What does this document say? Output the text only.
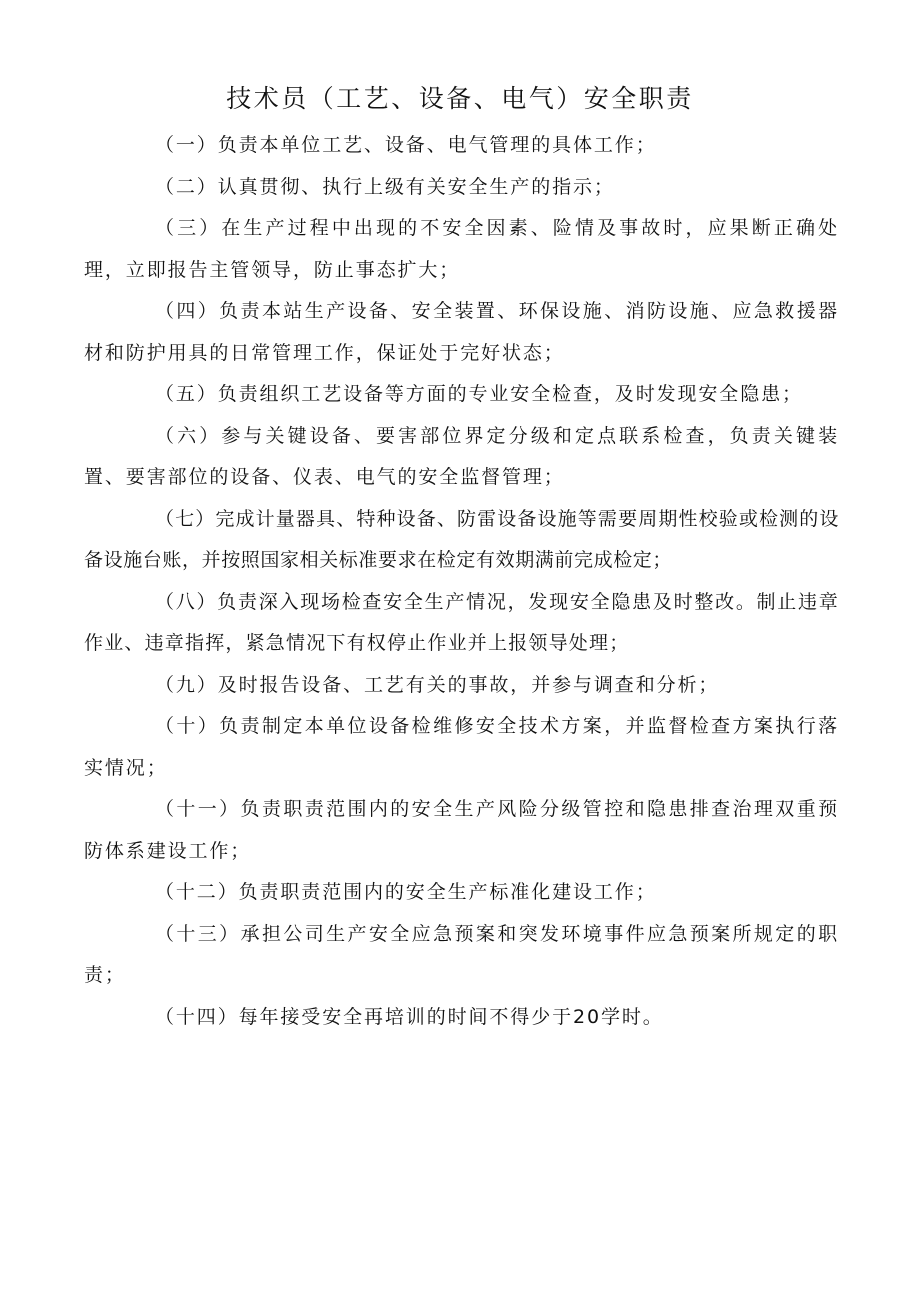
技术员（工艺、设备、电气）安全职责

（一）负责本单位工艺、设备、电气管理的具体工作；

（二）认真贯彻、执行上级有关安全生产的指示；

（三）在生产过程中出现的不安全因素、险情及事故时，应果断正确处理，立即报告主管领导，防止事态扩大；

（四）负责本站生产设备、安全装置、环保设施、消防设施、应急救援器材和防护用具的日常管理工作，保证处于完好状态；

（五）负责组织工艺设备等方面的专业安全检查，及时发现安全隐患；

（六）参与关键设备、要害部位界定分级和定点联系检查，负责关键装置、要害部位的设备、仪表、电气的安全监督管理；

（七）完成计量器具、特种设备、防雷设备设施等需要周期性校验或检测的设备设施台账，并按照国家相关标准要求在检定有效期满前完成检定；

（八）负责深入现场检查安全生产情况，发现安全隐患及时整改。制止违章作业、违章指挥，紧急情况下有权停止作业并上报领导处理；

（九）及时报告设备、工艺有关的事故，并参与调查和分析；

（十）负责制定本单位设备检维修安全技术方案，并监督检查方案执行落实情况；

（十一）负责职责范围内的安全生产风险分级管控和隐患排查治理双重预防体系建设工作；

（十二）负责职责范围内的安全生产标准化建设工作；

（十三）承担公司生产安全应急预案和突发环境事件应急预案所规定的职责；

（十四）每年接受安全再培训的时间不得少于20学时。
